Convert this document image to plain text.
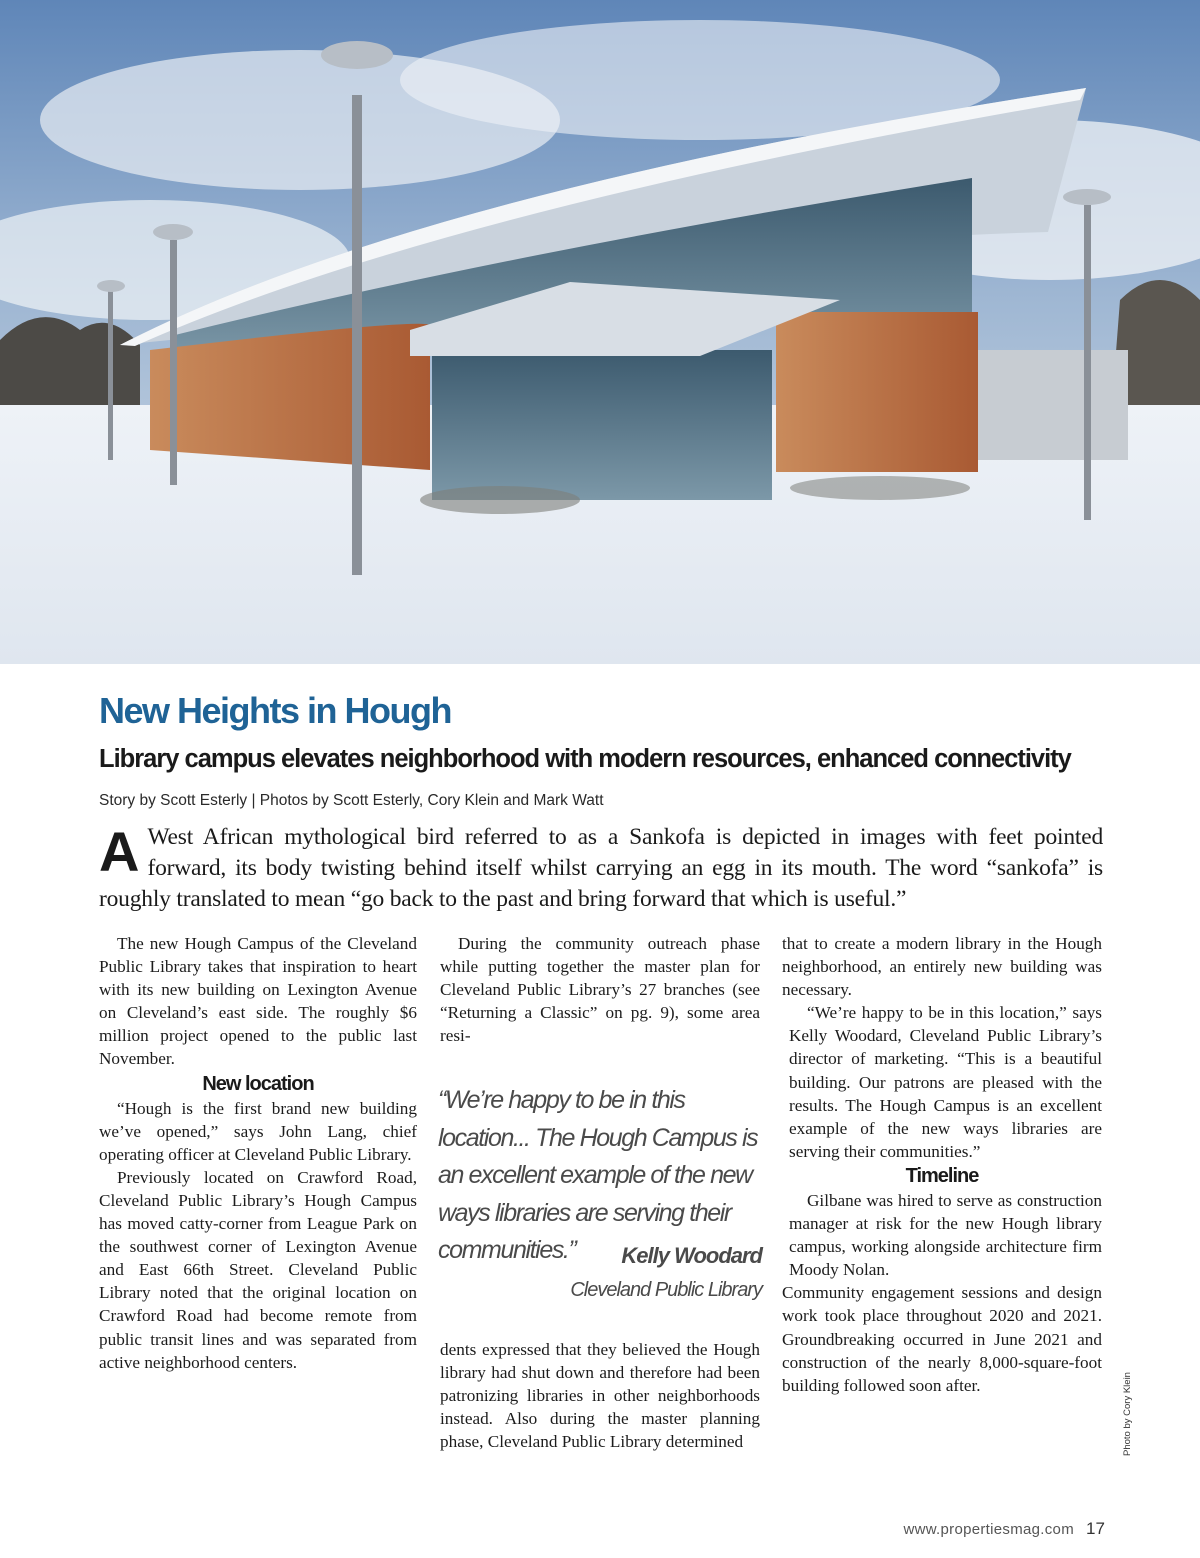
New Heights in Hough
Library campus elevates neighborhood with modern resources, enhanced connectivity
Story by Scott Esterly | Photos by Scott Esterly, Cory Klein and Mark Watt

A West African mythological bird referred to as a Sankofa is depicted in images with feet pointed forward, its body twisting behind itself whilst carrying an egg in its mouth. The word “sankofa” is roughly translated to mean “go back to the past and bring forward that which is useful.”

The new Hough Campus of the Cleveland Public Library takes that inspiration to heart with its new building on Lexington Avenue on Cleveland’s east side. The roughly $6 million project opened to the public last November.

New location

“Hough is the first brand new building we’ve opened,” says John Lang, chief operating officer at Cleveland Public Library.

Previously located on Crawford Road, Cleveland Public Library’s Hough Campus has moved catty-corner from League Park on the southwest corner of Lexington Avenue and East 66th Street. Cleveland Public Library noted that the original location on Crawford Road had become remote from public transit lines and was separated from active neighborhood centers.

During the community outreach phase while putting together the master plan for Cleveland Public Library’s 27 branches (see “Returning a Classic” on pg. 9), some area resi-

“We’re happy to be in this location... The Hough Campus is an excellent example of the new ways libraries are serving their communities.”	Kelly Woodard
Cleveland Public Library

dents expressed that they believed the Hough library had shut down and therefore had been patronizing libraries in other neighborhoods instead. Also during the master planning phase, Cleveland Public Library determined

that to create a modern library in the Hough neighborhood, an entirely new building was necessary.

“We’re happy to be in this location,” says Kelly Woodard, Cleveland Public Library’s director of marketing. “This is a beautiful building. Our patrons are pleased with the results. The Hough Campus is an excellent example of the new ways libraries are serving their communities.”

Timeline

Gilbane was hired to serve as construction manager at risk for the new Hough library campus, working alongside architecture firm Moody Nolan.

Community engagement sessions and design work took place throughout 2020 and 2021. Groundbreaking occurred in June 2021 and construction of the nearly 8,000-square-foot building followed soon after.	Photo by Cory Klein
www.propertiesmag.com 17
